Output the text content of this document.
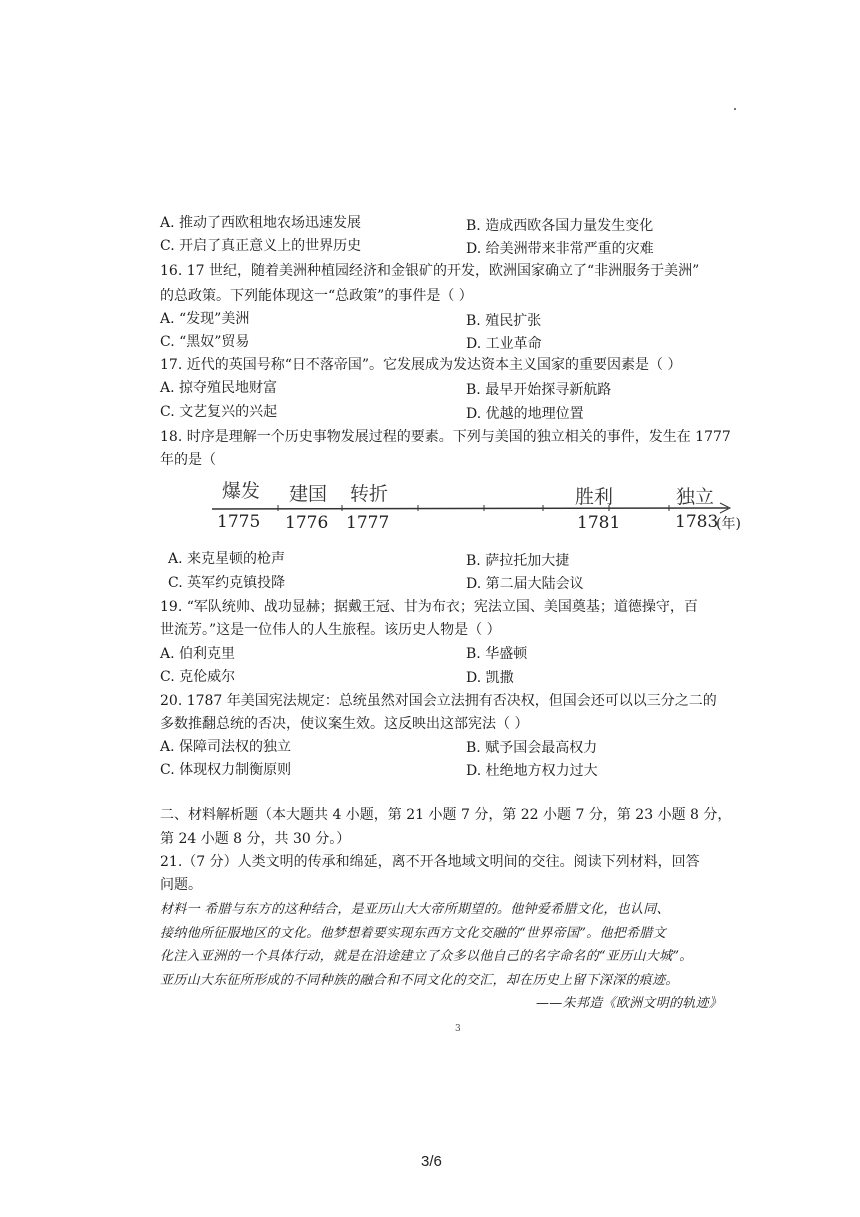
A. 推动了西欧租地农场迅速发展	B. 造成西欧各国力量发生变化
C. 开启了真正意义上的世界历史	D. 给美洲带来非常严重的灾难
16. 17 世纪，随着美洲种植园经济和金银矿的开发，欧洲国家确立了“非洲服务于美洲”
的总政策。下列能体现这一“总政策”的事件是（ ）
A. “发现”美洲	B. 殖民扩张
C. “黑奴”贸易	D. 工业革命
17. 近代的英国号称“日不落帝国”。它发展成为发达资本主义国家的重要因素是（ ）
A. 掠夺殖民地财富	B. 最早开始探寻新航路
C. 文艺复兴的兴起	D. 优越的地理位置
18. 时序是理解一个历史事物发展过程的要素。下列与美国的独立相关的事件，发生在 1777
年的是（
爆发 建国 转折	胜利	独立
1775 1776 1777	1781	1783
(年)
A. 来克星顿的枪声	B. 萨拉托加大捷
C. 英军约克镇投降	D. 第二届大陆会议
19. “军队统帅、战功显赫；据戴王冠、甘为布衣；宪法立国、美国奠基；道德操守，百
世流芳。”这是一位伟人的人生旅程。该历史人物是（ ）
A. 伯利克里	B. 华盛顿
C. 克伦威尔	D. 凯撒
20. 1787 年美国宪法规定：总统虽然对国会立法拥有否决权，但国会还可以以三分之二的
多数推翻总统的否决，使议案生效。这反映出这部宪法（ ）
A. 保障司法权的独立	B. 赋予国会最高权力
C. 体现权力制衡原则	D. 杜绝地方权力过大
二、材料解析题（本大题共 4 小题，第 21 小题 7 分，第 22 小题 7 分，第 23 小题 8 分，
第 24 小题 8 分，共 30 分。）
21.（7 分）人类文明的传承和绵延，离不开各地域文明间的交往。阅读下列材料，回答
问题。
材料一 希腊与东方的这种结合，是亚历山大大帝所期望的。他钟爱希腊文化，也认同、
接纳他所征服地区的文化。他梦想着要实现东西方文化交融的“世界帝国”。他把希腊文
化注入亚洲的一个具体行动，就是在沿途建立了众多以他自己的名字命名的“亚历山大城”。
亚历山大东征所形成的不同种族的融合和不同文化的交汇，却在历史上留下深深的痕迹。
——朱邦造《欧洲文明的轨迹》
3
3/6
